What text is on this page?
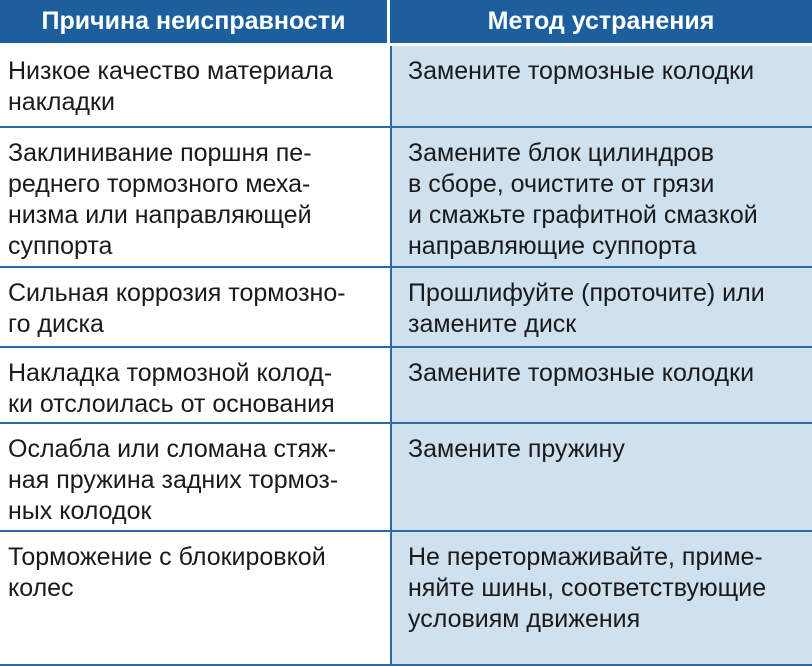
Причина неисправности	Метод устранения
Низкое качество материала
накладки
Замените тормозные колодки
Заклинивание поршня пе-
реднего тормозного меха-
низма или направляющей
суппорта
Замените блок цилиндров
в сборе, очистите от грязи
и смажьте графитной смазкой
направляющие суппорта
Сильная коррозия тормозно-
го диска
Прошлифуйте (проточите) или
замените диск
Накладка тормозной колод-
ки отслоилась от основания
Замените тормозные колодки
Ослабла или сломана стяж-
ная пружина задних тормоз-
ных колодок
Замените пружину
Торможение с блокировкой
колес
Не перетормаживайте, приме-
няйте шины, соответствующие
условиям движения
